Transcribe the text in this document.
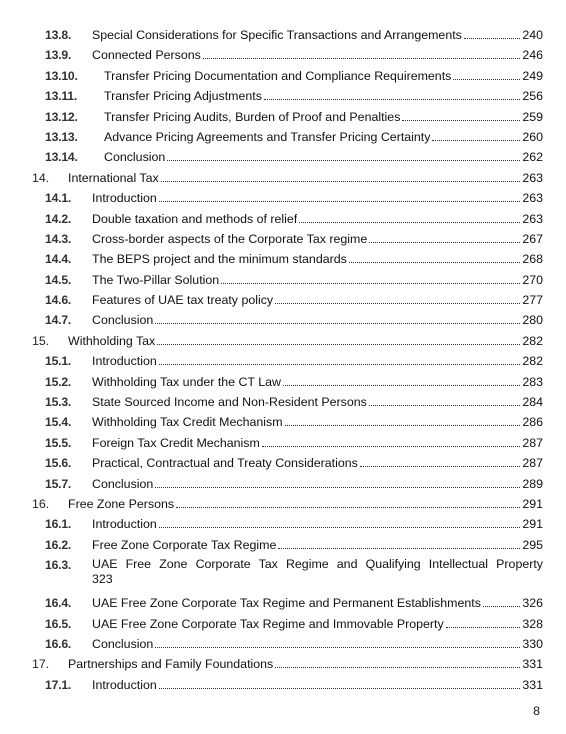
13.8.	Special Considerations for Specific Transactions and Arrangements	240
13.9.	Connected Persons	246
13.10.	Transfer Pricing Documentation and Compliance Requirements	249
13.11.	Transfer Pricing Adjustments	256
13.12.	Transfer Pricing Audits, Burden of Proof and Penalties	259
13.13.	Advance Pricing Agreements and Transfer Pricing Certainty	260
13.14.	Conclusion	262
14.	International Tax	263
14.1.	Introduction	263
14.2.	Double taxation and methods of relief	263
14.3.	Cross-border aspects of the Corporate Tax regime	267
14.4.	The BEPS project and the minimum standards	268
14.5.	The Two-Pillar Solution	270
14.6.	Features of UAE tax treaty policy	277
14.7.	Conclusion	280
15.	Withholding Tax	282
15.1.	Introduction	282
15.2.	Withholding Tax under the CT Law	283
15.3.	State Sourced Income and Non-Resident Persons	284
15.4.	Withholding Tax Credit Mechanism	286
15.5.	Foreign Tax Credit Mechanism	287
15.6.	Practical, Contractual and Treaty Considerations	287
15.7.	Conclusion	289
16.	Free Zone Persons	291
16.1.	Introduction	291
16.2.	Free Zone Corporate Tax Regime	295
16.3.	UAE Free Zone Corporate Tax Regime and Qualifying Intellectual Property
323
16.4.	UAE Free Zone Corporate Tax Regime and Permanent Establishments	326
16.5.	UAE Free Zone Corporate Tax Regime and Immovable Property	328
16.6.	Conclusion	330
17.	Partnerships and Family Foundations	331
17.1.	Introduction	331
8
